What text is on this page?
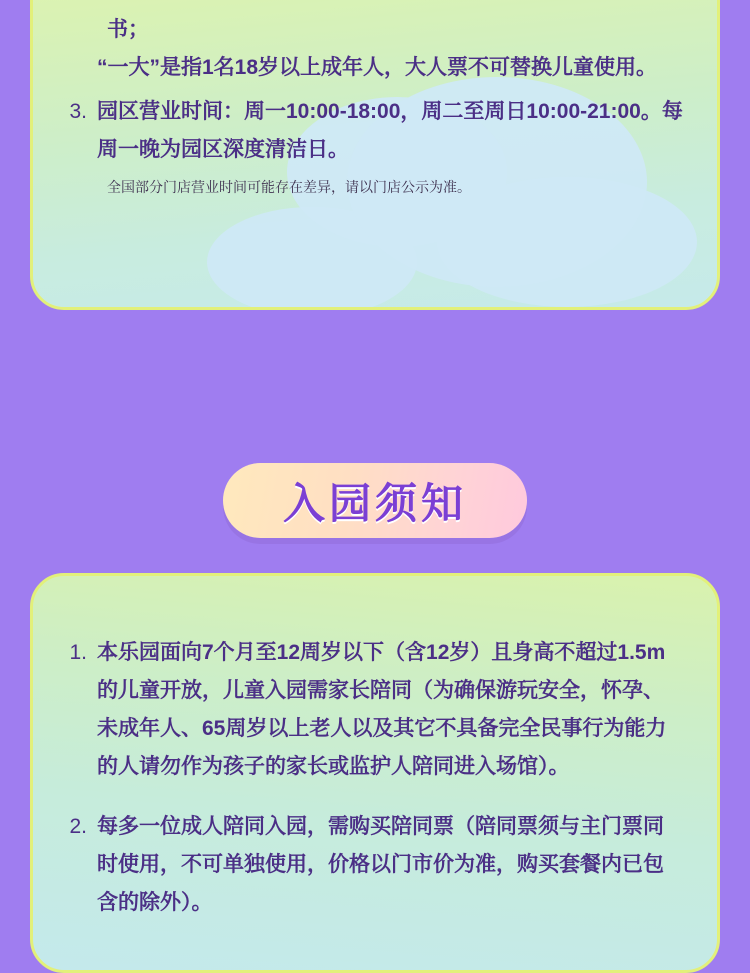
书；
“一大”是指1名18岁以上成年人，大人票不可替换儿童使用。
3. 园区营业时间：周一10:00-18:00，周二至周日10:00-21:00。每周一晚为园区深度清洁日。
全国部分门店营业时间可能存在差异，请以门店公示为准。
入园须知
1. 本乐园面向7个月至12周岁以下（含12岁）且身高不超过1.5m的儿童开放，儿童入园需家长陪同（为确保游玩安全，怀孕、未成年人、65周岁以上老人以及其它不具备完全民事行为能力的人请勿作为孩子的家长或监护人陪同进入场馆）。
2. 每多一位成人陪同入园，需购买陪同票（陪同票须与主门票同时使用，不可单独使用，价格以门市价为准，购买套餐内已包含的除外）。
